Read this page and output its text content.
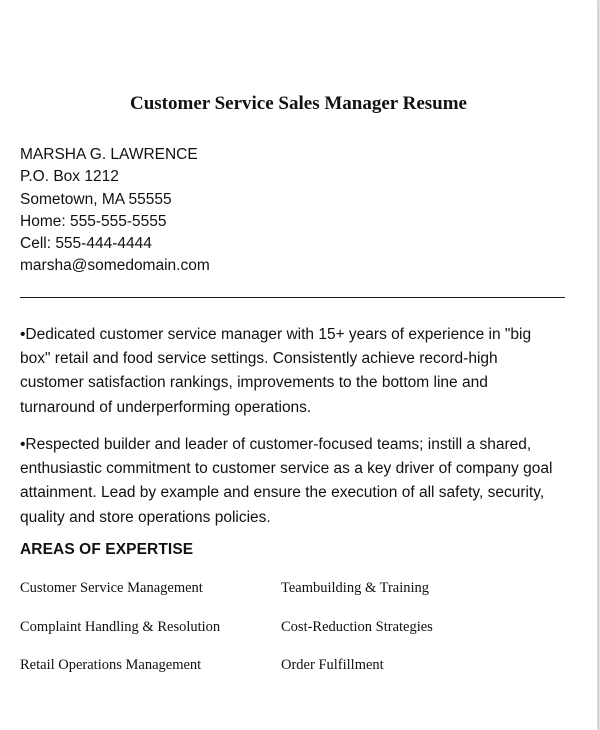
Customer Service Sales Manager Resume
MARSHA G. LAWRENCE
P.O. Box 1212
Sometown, MA 55555
Home: 555-555-5555
Cell: 555-444-4444
marsha@somedomain.com

•Dedicated customer service manager with 15+ years of experience in "big box" retail and food service settings. Consistently achieve record-high customer satisfaction rankings, improvements to the bottom line and turnaround of underperforming operations.

•Respected builder and leader of customer-focused teams; instill a shared, enthusiastic commitment to customer service as a key driver of company goal attainment. Lead by example and ensure the execution of all safety, security, quality and store operations policies.

AREAS OF EXPERTISE
Customer Service Management	Teambuilding & Training
Complaint Handling & Resolution	Cost-Reduction Strategies
Retail Operations Management	Order Fulfillment
